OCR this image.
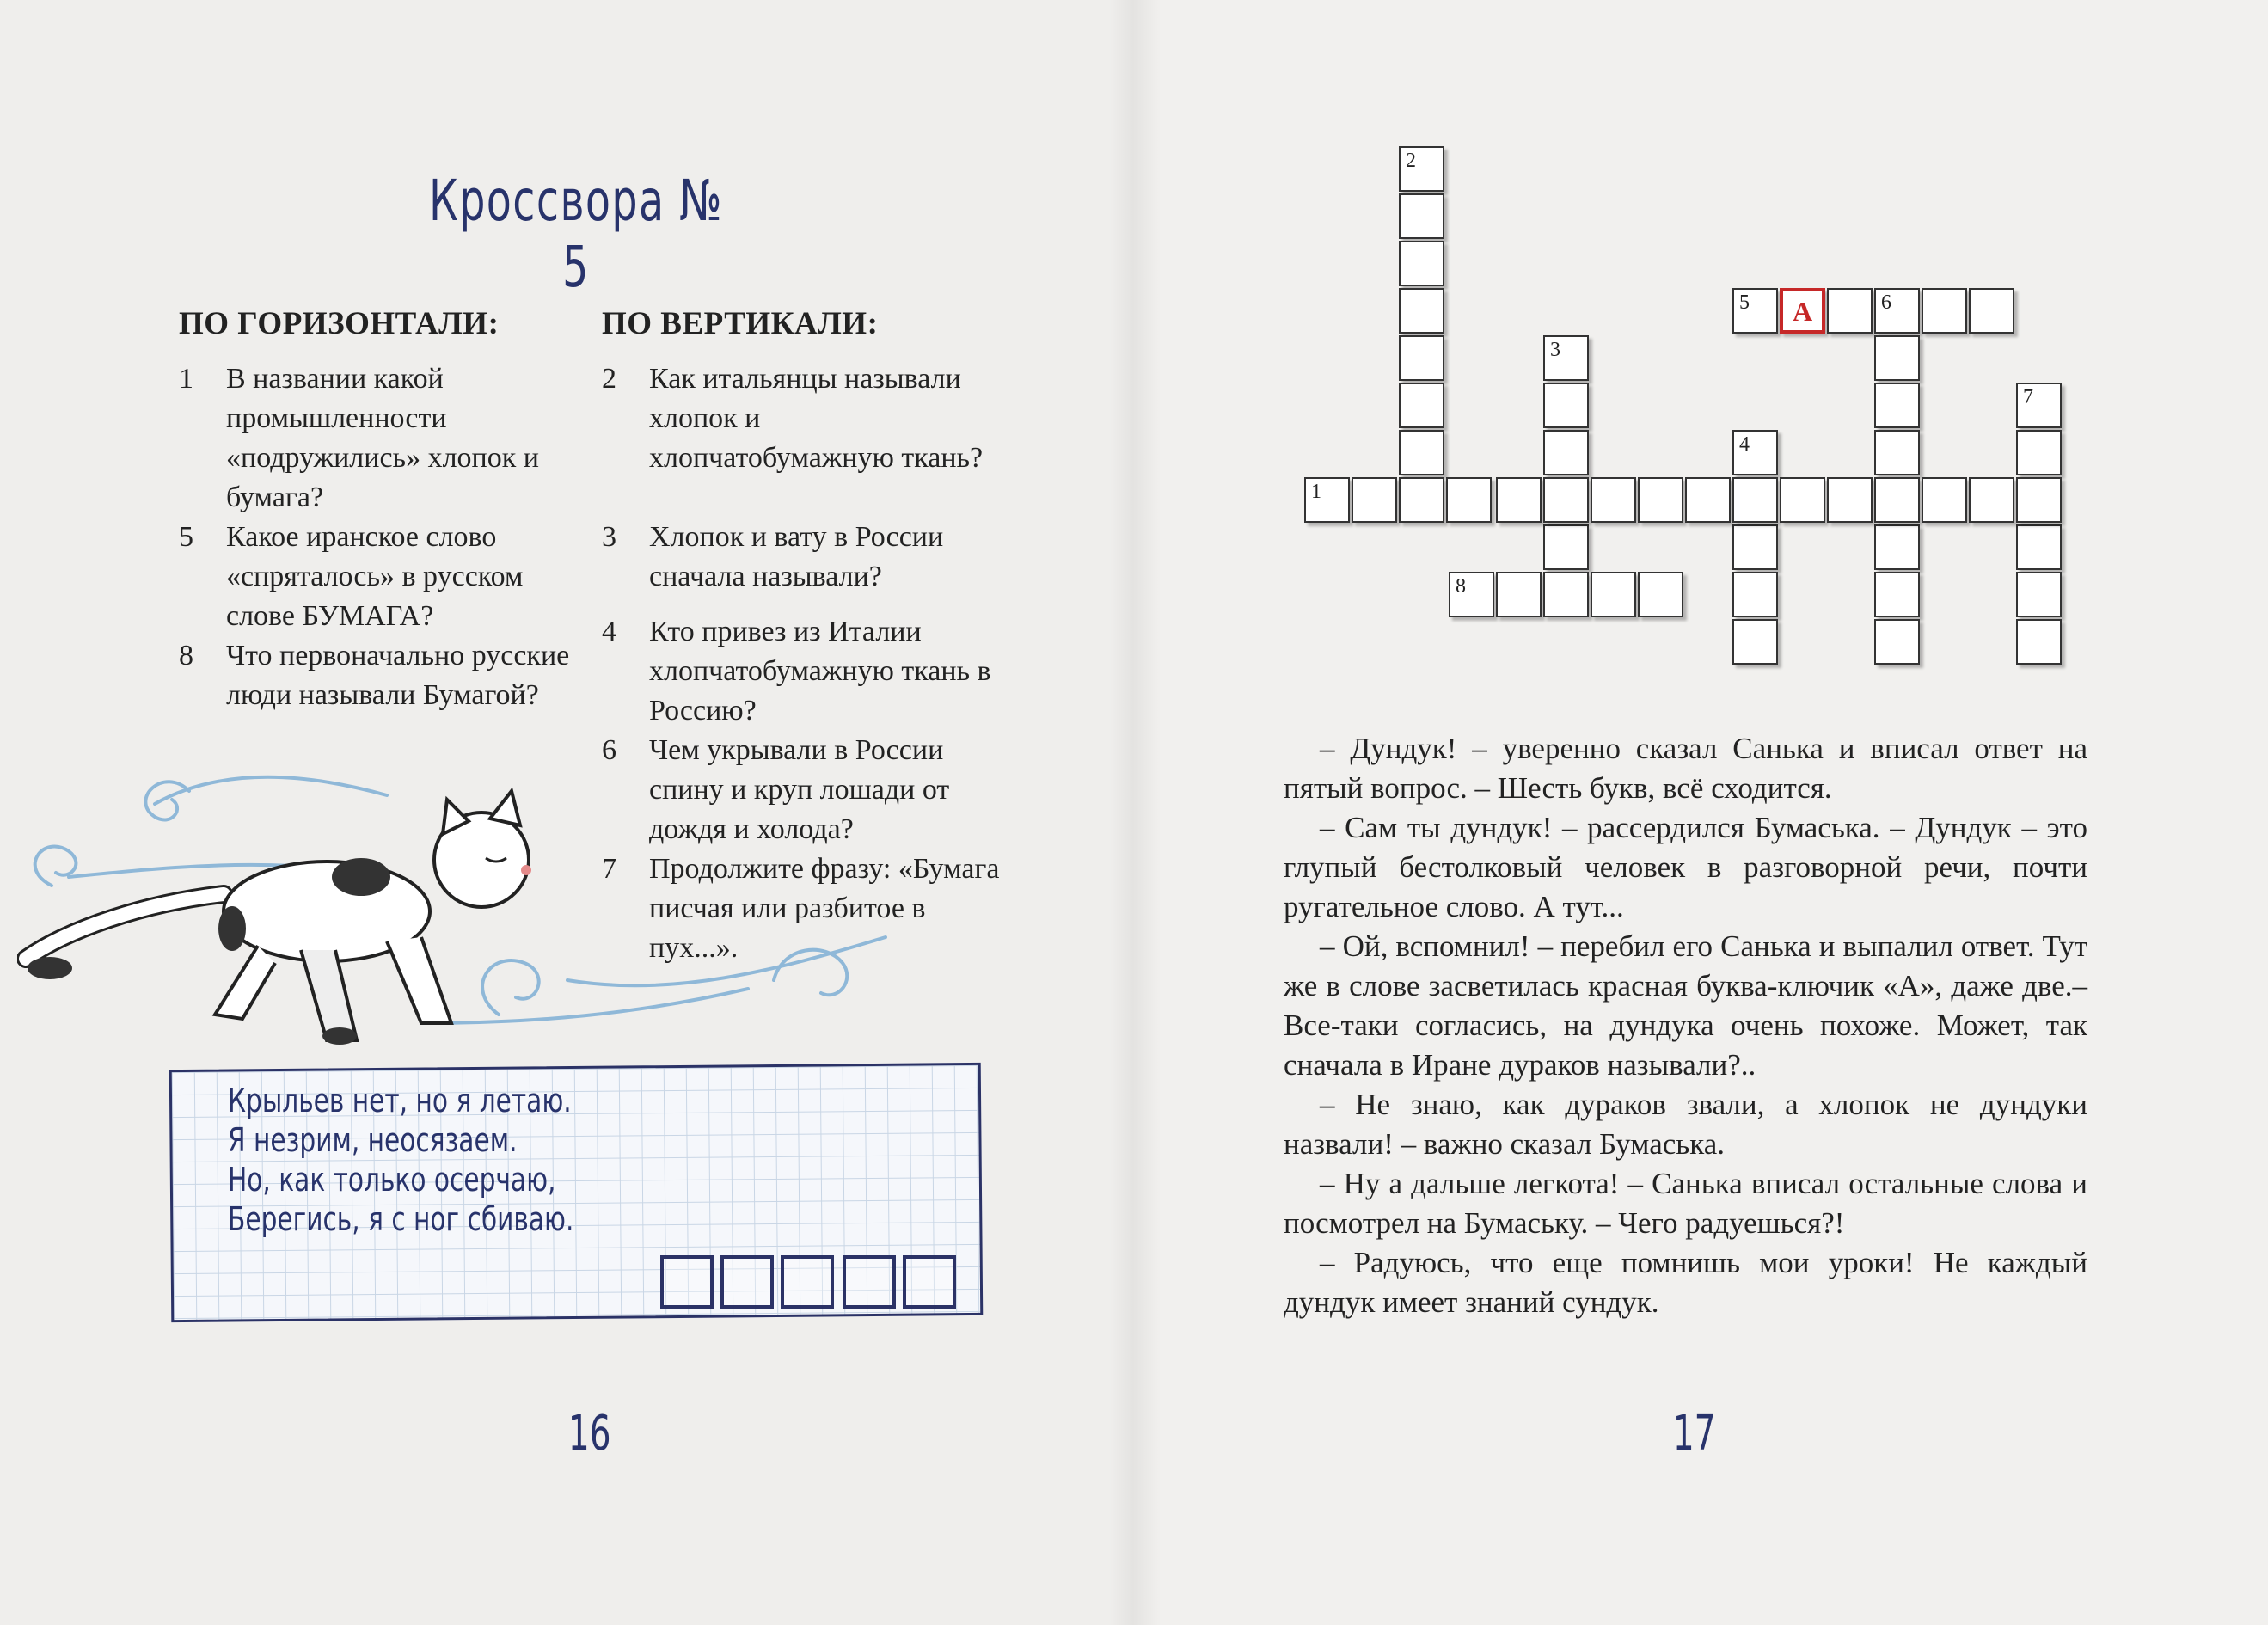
Кроссвора № 5
ПО ГОРИЗОНТАЛИ:	ПО ВЕРТИКАЛИ:
1 В названии какой промышленности «подружились» хлопок и бумага?
5 Какое иранское слово «спряталось» в русском слове БУМАГА?
8 Что первоначально русские люди называли Бумагой?
2 Как итальянцы называли хлопок и хлопчатобумажную ткань?
3 Хлопок и вату в России сначала называли?
4 Кто привез из Италии хлопчатобумажную ткань в Россию?
6 Чем укрывали в России спину и круп лошади от дождя и холода?
7 Продолжите фразу: «Бумага писчая или разбитое в пух...».
Крыльев нет, но я летаю.
Я незрим, неосязаем.
Но, как только осерчаю,
Берегись, я с ног сбиваю.
16
2
5	А	6
3
7
4
1
8

– Дундук! – уверенно сказал Санька и вписал ответ на пятый вопрос. – Шесть букв, всё сходится.

– Сам ты дундук! – рассердился Бумаська. – Дундук – это глупый бестолковый человек в разговорной речи, почти ругательное слово. А тут...

– Ой, вспомнил! – перебил его Санька и выпалил ответ. Тут же в слове засветилась красная буква-ключик «А», даже две.– Все-таки согласись, на дундука очень похоже. Может, так сначала в Иране дураков называли?..

– Не знаю, как дураков звали, а хлопок не дундуки назвали! – важно сказал Бумаська.

– Ну а дальше легкота! – Санька вписал остальные слова и посмотрел на Бумаську. – Чего радуешься?!

– Радуюсь, что еще помнишь мои уроки! Не каждый дундук имеет знаний сундук.

17
